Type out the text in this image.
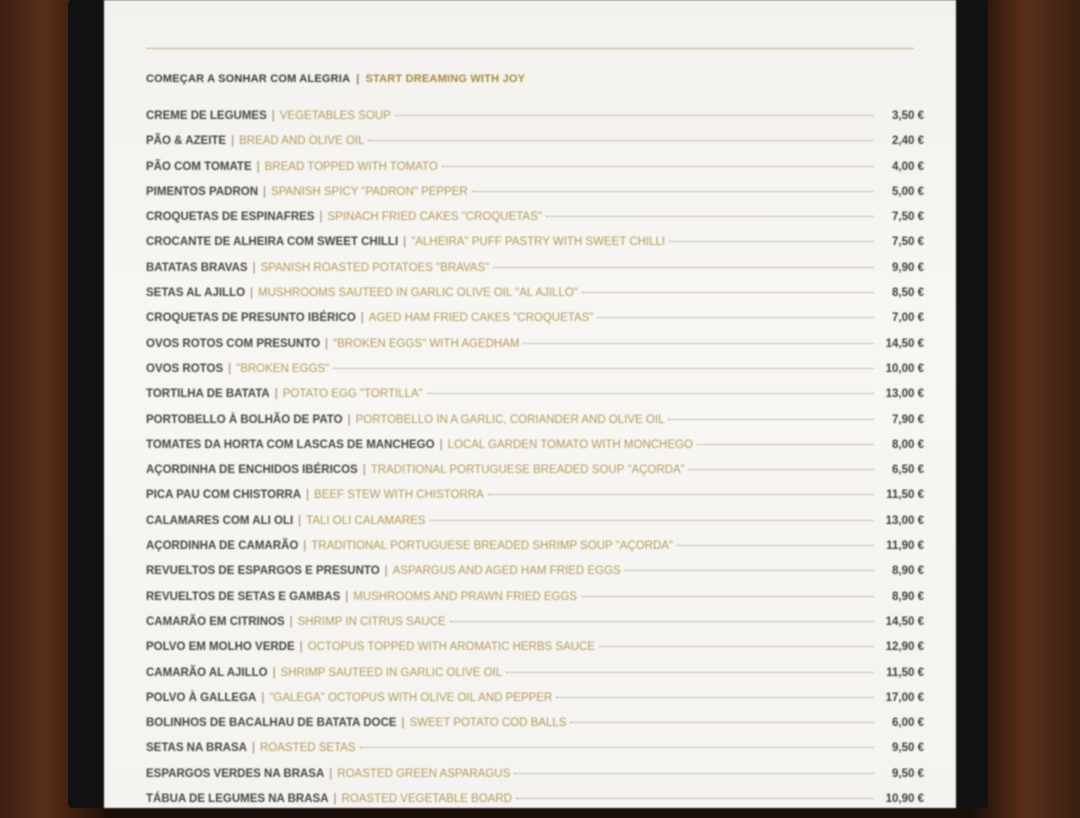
COMEÇAR A SONHAR COM ALEGRIA | START DREAMING WITH JOY
CREME DE LEGUMES | VEGETABLES SOUP	3,50 €
PÃO & AZEITE | BREAD AND OLIVE OIL	2,40 €
PÃO COM TOMATE | BREAD TOPPED WITH TOMATO	4,00 €
PIMENTOS PADRON | SPANISH SPICY "PADRON" PEPPER	5,00 €
CROQUETAS DE ESPINAFRES | SPINACH FRIED CAKES "CROQUETAS"	7,50 €
CROCANTE DE ALHEIRA COM SWEET CHILLI | "ALHEIRA" PUFF PASTRY WITH SWEET CHILLI	7,50 €
BATATAS BRAVAS | SPANISH ROASTED POTATOES "BRAVAS"	9,90 €
SETAS AL AJILLO | MUSHROOMS SAUTEED IN GARLIC OLIVE OIL "AL AJILLO"	8,50 €
CROQUETAS DE PRESUNTO IBÉRICO | AGED HAM FRIED CAKES "CROQUETAS"	7,00 €
OVOS ROTOS COM PRESUNTO | "BROKEN EGGS" WITH AGEDHAM	14,50 €
OVOS ROTOS | "BROKEN EGGS"	10,00 €
TORTILHA DE BATATA | POTATO EGG "TORTILLA"	13,00 €
PORTOBELLO À BOLHÃO DE PATO | PORTOBELLO IN A GARLIC, CORIANDER AND OLIVE OIL	7,90 €
TOMATES DA HORTA COM LASCAS DE MANCHEGO | LOCAL GARDEN TOMATO WITH MONCHEGO	8,00 €
AÇORDINHA DE ENCHIDOS IBÉRICOS | TRADITIONAL PORTUGUESE BREADED SOUP "AÇORDA"	6,50 €
PICA PAU COM CHISTORRA | BEEF STEW WITH CHISTORRA	11,50 €
CALAMARES COM ALI OLI | TALI OLI CALAMARES	13,00 €
AÇORDINHA DE CAMARÃO | TRADITIONAL PORTUGUESE BREADED SHRIMP SOUP "AÇORDA"	11,90 €
REVUELTOS DE ESPARGOS E PRESUNTO | ASPARGUS AND AGED HAM FRIED EGGS	8,90 €
REVUELTOS DE SETAS E GAMBAS | MUSHROOMS AND PRAWN FRIED EGGS	8,90 €
CAMARÃO EM CITRINOS | SHRIMP IN CITRUS SAUCE	14,50 €
POLVO EM MOLHO VERDE | OCTOPUS TOPPED WITH AROMATIC HERBS SAUCE	12,90 €
CAMARÃO AL AJILLO | SHRIMP SAUTEED IN GARLIC OLIVE OIL	11,50 €
POLVO À GALLEGA | "GALEGA" OCTOPUS WITH OLIVE OIL AND PEPPER	17,00 €
BOLINHOS DE BACALHAU DE BATATA DOCE | SWEET POTATO COD BALLS	6,00 €
SETAS NA BRASA | ROASTED SETAS	9,50 €
ESPARGOS VERDES NA BRASA | ROASTED GREEN ASPARAGUS	9,50 €
TÁBUA DE LEGUMES NA BRASA | ROASTED VEGETABLE BOARD	10,90 €
